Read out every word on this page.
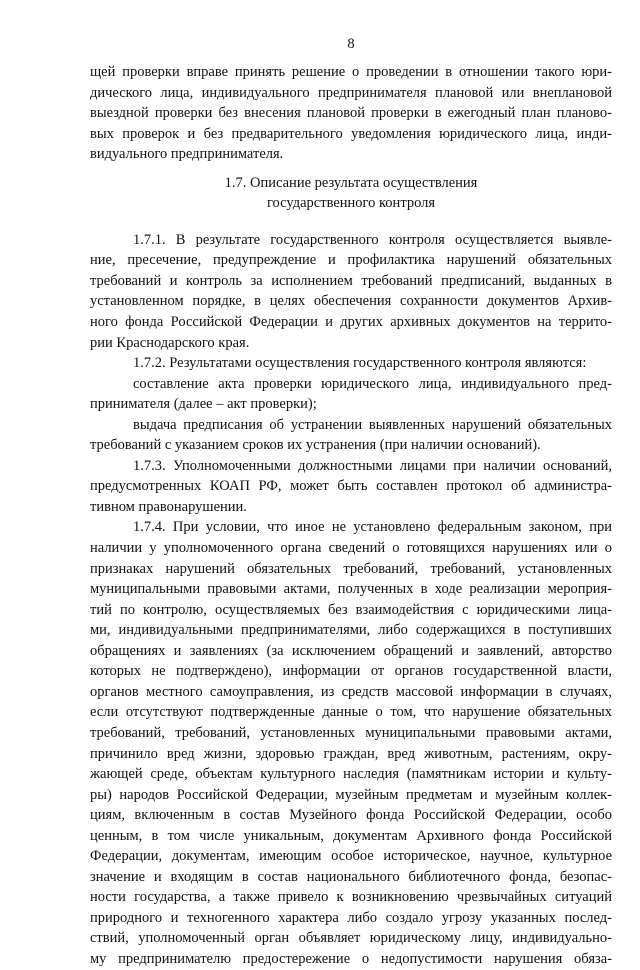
8
щей проверки вправе принять решение о проведении в отношении такого юри-
дического лица, индивидуального предпринимателя плановой или внеплановой
выездной проверки без внесения плановой проверки в ежегодный план планово-
вых проверок и без предварительного уведомления юридического лица, инди-
видуального предпринимателя.
1.7. Описание результата осуществления
государственного контроля
1.7.1. В результате государственного контроля осуществляется выявле-
ние, пресечение, предупреждение и профилактика нарушений обязательных
требований и контроль за исполнением требований предписаний, выданных в
установленном порядке, в целях обеспечения сохранности документов Архив-
ного фонда Российской Федерации и других архивных документов на террито-
рии Краснодарского края.
1.7.2. Результатами осуществления государственного контроля являются:
составление акта проверки юридического лица, индивидуального пред-
принимателя (далее – акт проверки);
выдача предписания об устранении выявленных нарушений обязательных
требований с указанием сроков их устранения (при наличии оснований).
1.7.3. Уполномоченными должностными лицами при наличии оснований,
предусмотренных КОАП РФ, может быть составлен протокол об администра-
тивном правонарушении.
1.7.4. При условии, что иное не установлено федеральным законом, при
наличии у уполномоченного органа сведений о готовящихся нарушениях или о
признаках нарушений обязательных требований, требований, установленных
муниципальными правовыми актами, полученных в ходе реализации мероприя-
тий по контролю, осуществляемых без взаимодействия с юридическими лица-
ми, индивидуальными предпринимателями, либо содержащихся в поступивших
обращениях и заявлениях (за исключением обращений и заявлений, авторство
которых не подтверждено), информации от органов государственной власти,
органов местного самоуправления, из средств массовой информации в случаях,
если отсутствуют подтвержденные данные о том, что нарушение обязательных
требований, требований, установленных муниципальными правовыми актами,
причинило вред жизни, здоровью граждан, вред животным, растениям, окру-
жающей среде, объектам культурного наследия (памятникам истории и культу-
ры) народов Российской Федерации, музейным предметам и музейным коллек-
циям, включенным в состав Музейного фонда Российской Федерации, особо
ценным, в том числе уникальным, документам Архивного фонда Российской
Федерации, документам, имеющим особое историческое, научное, культурное
значение и входящим в состав национального библиотечного фонда, безопас-
ности государства, а также привело к возникновению чрезвычайных ситуаций
природного и техногенного характера либо создало угрозу указанных послед-
ствий, уполномоченный орган объявляет юридическому лицу, индивидуально-
му предпринимателю предостережение о недопустимости нарушения обяза-
